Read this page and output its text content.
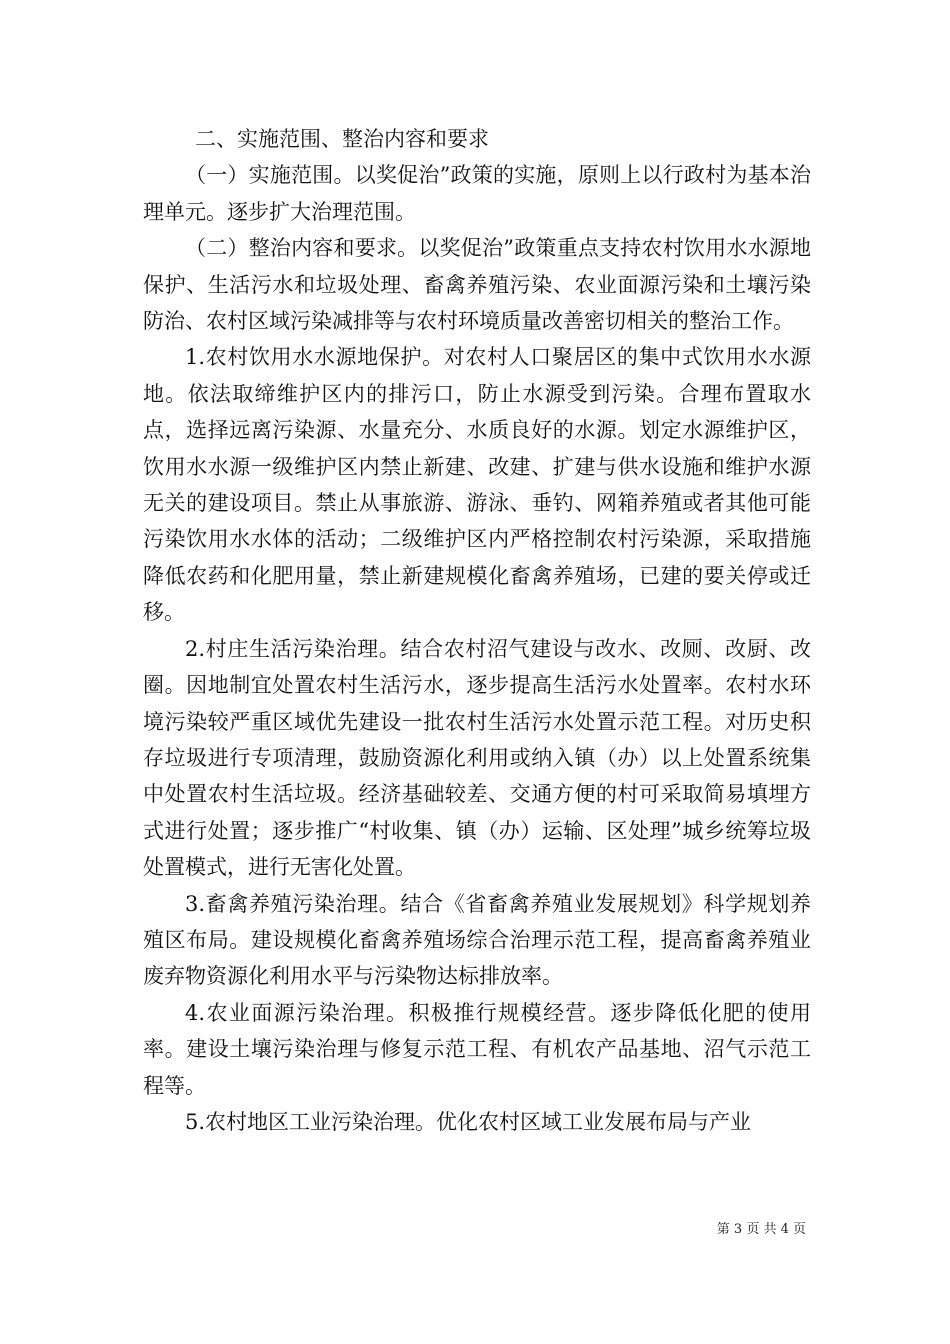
二、实施范围、整治内容和要求

（一）实施范围。以奖促治”政策的实施，原则上以行政村为基本治理单元。逐步扩大治理范围。

（二）整治内容和要求。以奖促治”政策重点支持农村饮用水水源地保护、生活污水和垃圾处理、畜禽养殖污染、农业面源污染和土壤污染防治、农村区域污染减排等与农村环境质量改善密切相关的整治工作。

1.农村饮用水水源地保护。对农村人口聚居区的集中式饮用水水源地。依法取缔维护区内的排污口，防止水源受到污染。合理布置取水点，选择远离污染源、水量充分、水质良好的水源。划定水源维护区，饮用水水源一级维护区内禁止新建、改建、扩建与供水设施和维护水源无关的建设项目。禁止从事旅游、游泳、垂钓、网箱养殖或者其他可能污染饮用水水体的活动；二级维护区内严格控制农村污染源，采取措施降低农药和化肥用量，禁止新建规模化畜禽养殖场，已建的要关停或迁移。

2.村庄生活污染治理。结合农村沼气建设与改水、改厕、改厨、改圈。因地制宜处置农村生活污水，逐步提高生活污水处置率。农村水环境污染较严重区域优先建设一批农村生活污水处置示范工程。对历史积存垃圾进行专项清理，鼓励资源化利用或纳入镇（办）以上处置系统集中处置农村生活垃圾。经济基础较差、交通方便的村可采取简易填埋方式进行处置；逐步推广“村收集、镇（办）运输、区处理”城乡统筹垃圾处置模式，进行无害化处置。

3.畜禽养殖污染治理。结合《省畜禽养殖业发展规划》科学规划养殖区布局。建设规模化畜禽养殖场综合治理示范工程，提高畜禽养殖业废弃物资源化利用水平与污染物达标排放率。

4.农业面源污染治理。积极推行规模经营。逐步降低化肥的使用率。建设土壤污染治理与修复示范工程、有机农产品基地、沼气示范工程等。

5.农村地区工业污染治理。优化农村区域工业发展布局与产业

第 3 页 共 4 页
